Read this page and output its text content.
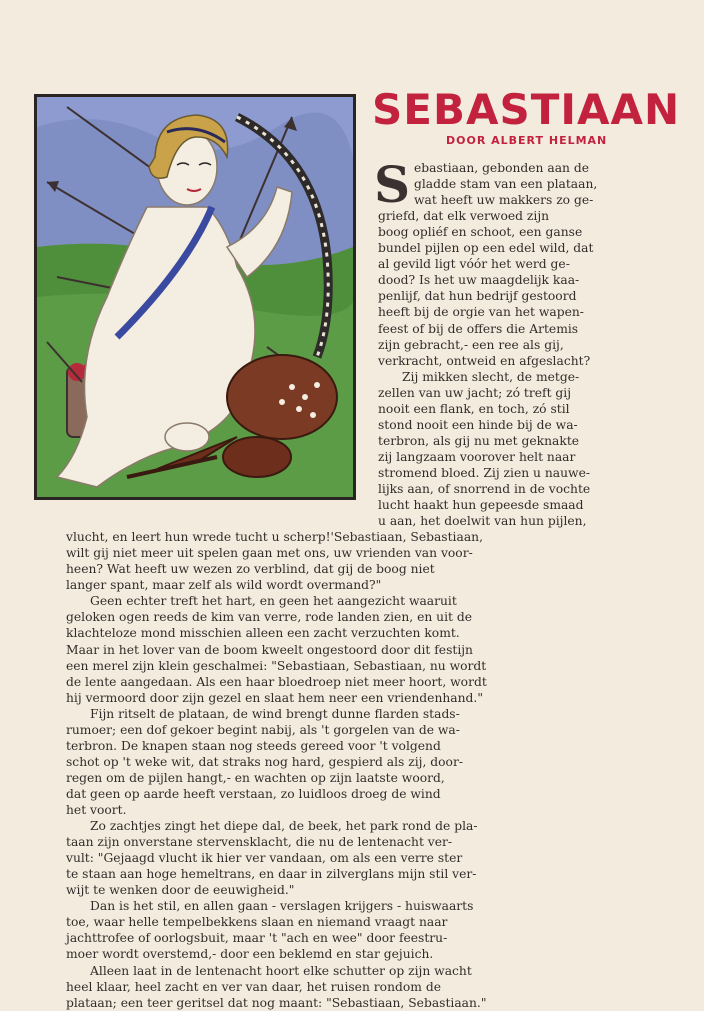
SEBASTIAAN
DOOR ALBERT HELMAN
S ebastiaan, gebonden aan de
gladde stam van een plataan,
wat heeft uw makkers zo ge-
griefd, dat elk verwoed zijn
boog opliéf en schoot, een ganse
bundel pijlen op een edel wild, dat
al gevild ligt vóór het werd ge-
dood? Is het uw maagdelijk kaa-
penlijf, dat hun bedrijf gestoord
heeft bij de orgie van het wapen-
feest of bij de offers die Artemis
zijn gebracht,- een ree als gij,
verkracht, ontweid en afgeslacht?
Zij mikken slecht, de metge-
zellen van uw jacht; zó treft gij
nooit een flank, en toch, zó stil
stond nooit een hinde bij de wa-
terbron, als gij nu met geknakte
zij langzaam voorover helt naar
stromend bloed. Zij zien u nauwe-
lijks aan, of snorrend in de vochte
lucht haakt hun gepeesde smaad
u aan, het doelwit van hun pijlen,
vlucht, en leert hun wrede tucht u scherp!'Sebastiaan, Sebastiaan,
wilt gij niet meer uit spelen gaan met ons, uw vrienden van voor-
heen? Wat heeft uw wezen zo verblind, dat gij de boog niet
langer spant, maar zelf als wild wordt overmand?"
Geen echter treft het hart, en geen het aangezicht waaruit
geloken ogen reeds de kim van verre, rode landen zien, en uit de
klachteloze mond misschien alleen een zacht verzuchten komt.
Maar in het lover van de boom kweelt ongestoord door dit festijn
een merel zijn klein geschalmei: "Sebastiaan, Sebastiaan, nu wordt
de lente aangedaan. Als een haar bloedroep niet meer hoort, wordt
hij vermoord door zijn gezel en slaat hem neer een vriendenhand."
Fijn ritselt de plataan, de wind brengt dunne flarden stads-
rumoer; een dof gekoer begint nabij, als 't gorgelen van de wa-
terbron. De knapen staan nog steeds gereed voor 't volgend
schot op 't weke wit, dat straks nog hard, gespierd als zij, door-
regen om de pijlen hangt,- en wachten op zijn laatste woord,
dat geen op aarde heeft verstaan, zo luidloos droeg de wind
het voort.
Zo zachtjes zingt het diepe dal, de beek, het park rond de pla-
taan zijn onverstane stervensklacht, die nu de lentenacht ver-
vult: "Gejaagd vlucht ik hier ver vandaan, om als een verre ster
te staan aan hoge hemeltrans, en daar in zilverglans mijn stil ver-
wijt te wenken door de eeuwigheid."
Dan is het stil, en allen gaan - verslagen krijgers - huiswaarts
toe, waar helle tempelbekkens slaan en niemand vraagt naar
jachttrofee of oorlogsbuit, maar 't "ach en wee" door feestru-
moer wordt overstemd,- door een beklemd en star gejuich.
Alleen laat in de lentenacht hoort elke schutter op zijn wacht
heel klaar, heel zacht en ver van daar, het ruisen rondom de
plataan; een teer geritsel dat nog maant: "Sebastiaan, Sebastiaan."
